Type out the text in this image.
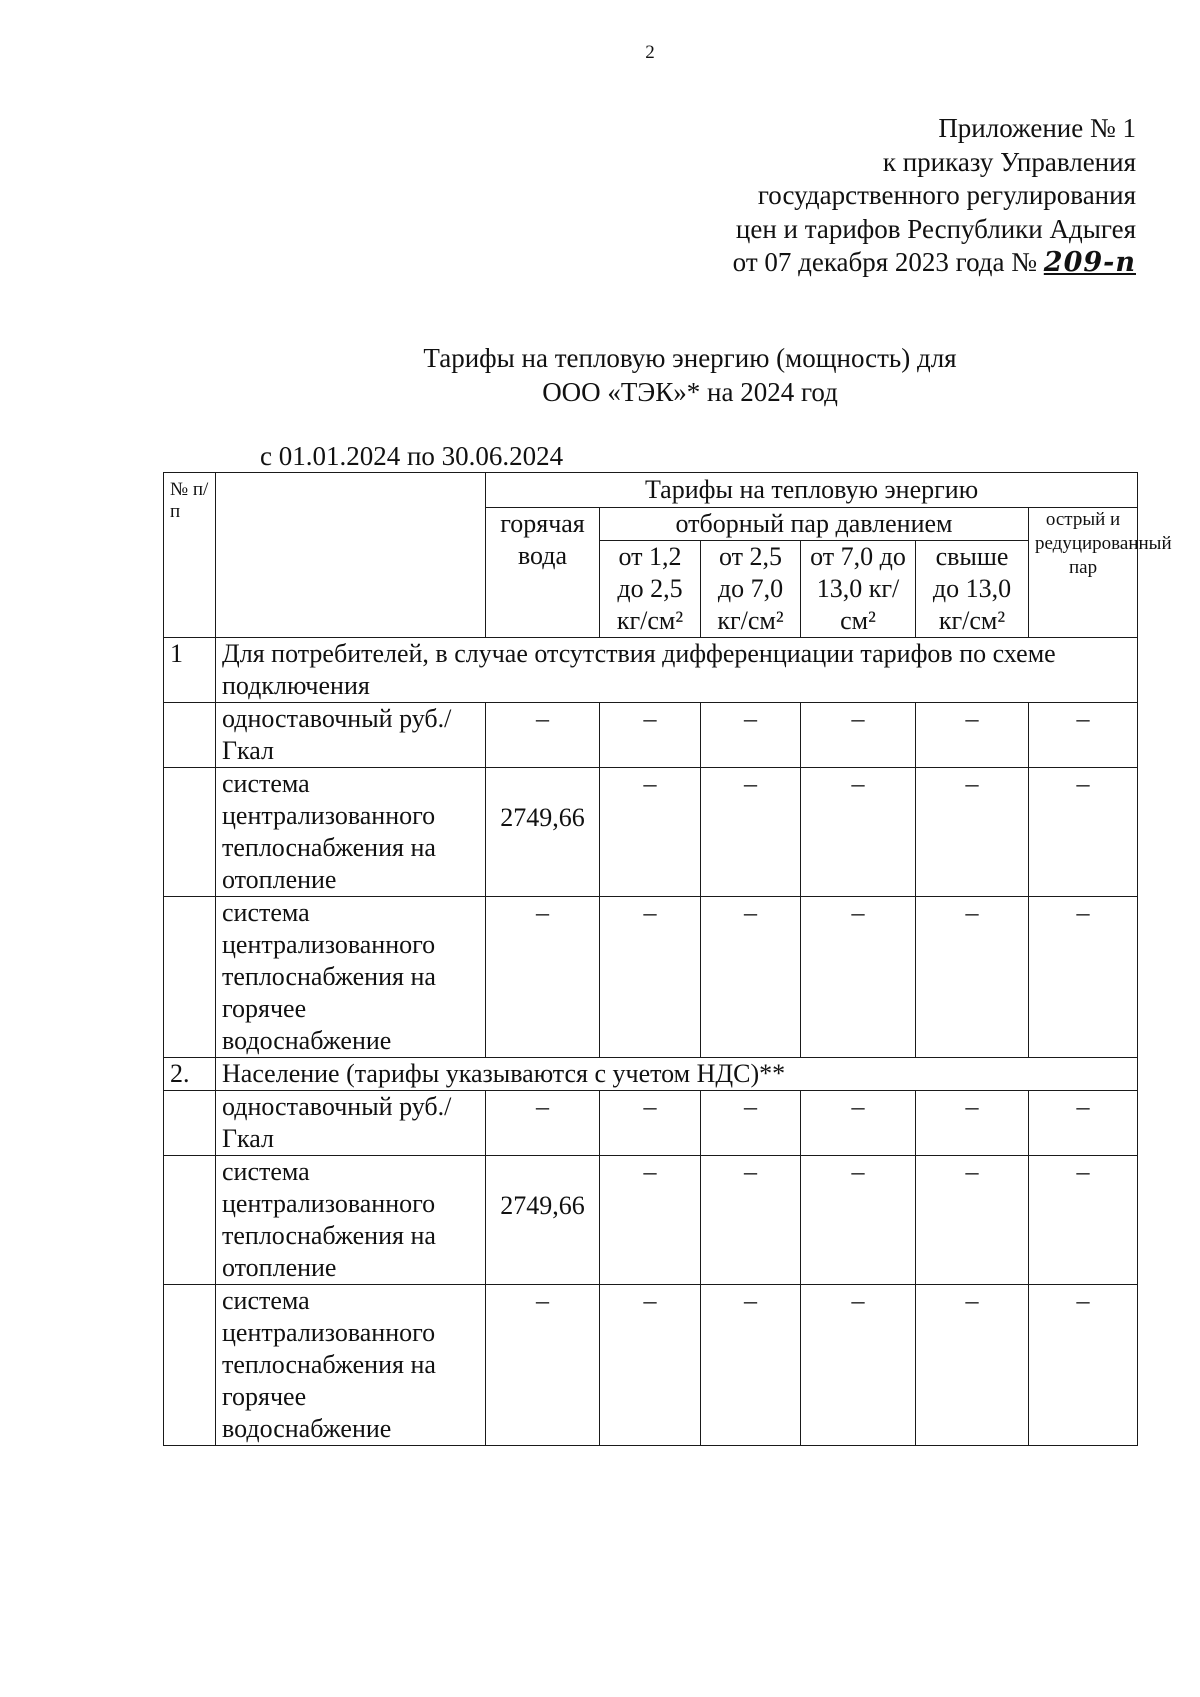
2
Приложение № 1
к приказу Управления
государственного регулирования
цен и тарифов Республики Адыгея
от 07 декабря 2023 года № 209-п
Тарифы на тепловую энергию (мощность) для
ООО «ТЭК»* на 2024 год
с 01.01.2024 по 30.06.2024
№ п/п		Тарифы на тепловую энергию					
		горячая вода	отборный пар давлением				острый и редуцированный пар
			от 1,2 до 2,5 кг/см²	от 2,5 до 7,0 кг/см²	от 7,0 до 13,0 кг/см²	свыше до 13,0 кг/см²	
1	Для потребителей, в случае отсутствия дифференциации тарифов по схеме подключения						
	одноставочный руб./Гкал	–	–	–	–	–	–
	система централизованного теплоснабжения на отопление	2749,66	–	–	–	–	–
	система централизованного теплоснабжения на горячее водоснабжение	–	–	–	–	–	–
2.	Население (тарифы указываются с учетом НДС)**						
	одноставочный руб./Гкал	–	–	–	–	–	–
	система централизованного теплоснабжения на отопление	2749,66	–	–	–	–	–
	система централизованного теплоснабжения на горячее водоснабжение	–	–	–	–	–	–
